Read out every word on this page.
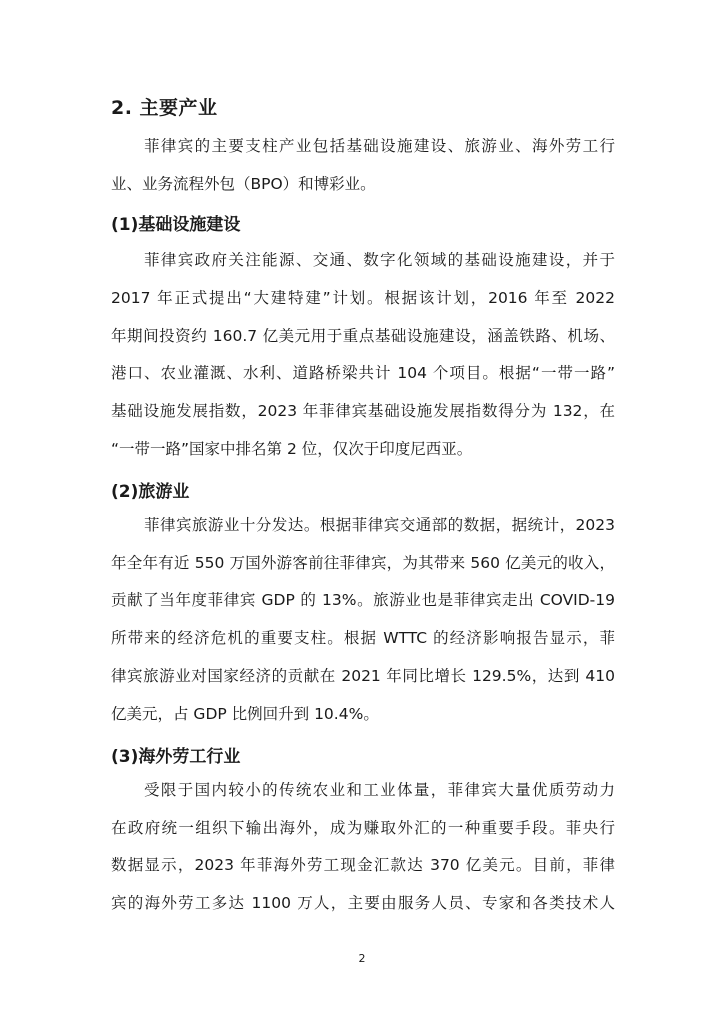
2. 主要产业

菲律宾的主要支柱产业包括基础设施建设、旅游业、海外劳工行

业、业务流程外包（BPO）和博彩业。

(1)基础设施建设

菲律宾政府关注能源、交通、数字化领域的基础设施建设，并于

2017 年正式提出“大建特建”计划。根据该计划，2016 年至 2022

年期间投资约 160.7 亿美元用于重点基础设施建设，涵盖铁路、机场、

港口、农业灌溉、水利、道路桥梁共计 104 个项目。根据“一带一路”

基础设施发展指数，2023 年菲律宾基础设施发展指数得分为 132，在

“一带一路”国家中排名第 2 位，仅次于印度尼西亚。

(2)旅游业

菲律宾旅游业十分发达。根据菲律宾交通部的数据，据统计，2023

年全年有近 550 万国外游客前往菲律宾，为其带来 560 亿美元的收入，

贡献了当年度菲律宾 GDP 的 13%。旅游业也是菲律宾走出 COVID-19

所带来的经济危机的重要支柱。根据 WTTC 的经济影响报告显示，菲

律宾旅游业对国家经济的贡献在 2021 年同比增长 129.5%，达到 410

亿美元，占 GDP 比例回升到 10.4%。

(3)海外劳工行业

受限于国内较小的传统农业和工业体量，菲律宾大量优质劳动力

在政府统一组织下输出海外，成为赚取外汇的一种重要手段。菲央行

数据显示，2023 年菲海外劳工现金汇款达 370 亿美元。目前，菲律

宾的海外劳工多达 1100 万人，主要由服务人员、专家和各类技术人

2
